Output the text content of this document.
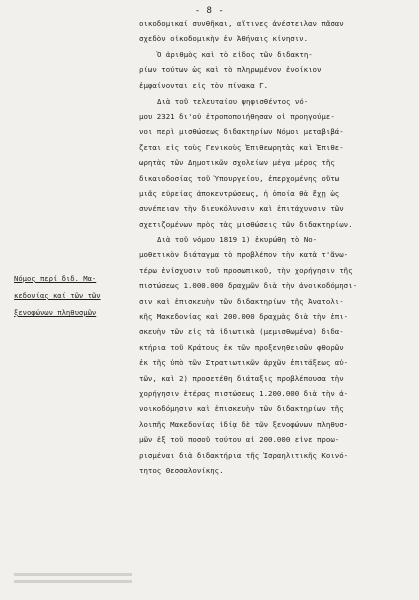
- 8 -
Νόμος περί διδ. Μα-
κεδονίας καί τῶν τῶν
ξενοφώνων πληθυσμῶν
οικοδομικαί συνθῆκαι, αἵτινες ἀνέστειλαν πᾶσαν
σχεδὸν οἰκοδομικὴν ἐν Ἀθήναις κίνησιν.
Ὁ ἀριθμὸς καὶ τὸ εἶδος τῶν διδακτη-
ρίων τούτων ὡς καὶ τὸ πληρωμένον ἐνοίκιον
ἐμφαίνονται εἰς τὸν πίνακα Γ.
Διὰ τοῦ τελευταίου ψηφισθέντος νό-
μου 2321 δι'οὗ ἐτροποποιήθησαν οἱ προηγούμε-
νοι περὶ μισθώσεως διδακτηρίων Νόμοι μεταβιβά-
ζεται εἰς τοὺς Γενικοὺς Ἐπιθεωρητὰς καὶ Ἐπιθε-
ωρητὰς τῶν Δημοτικῶν σχολείων μέγα μέρος τῆς
δικαιοδοσίας τοῦ Ὑπουργείου, ἐπερχομένης οὕτω
μιᾶς εὐρείας ἀποκεντρώσεως, ἡ ὁποία θὰ ἔχῃ ὡς
συνέπειαν τὴν διευκόλυνσιν καὶ ἐπιτάχυνσιν τῶν
σχετιζομένων πρὸς τὰς μισθώσεις τῶν διδακτηρίων.
Διὰ τοῦ νόμου 1819 1) ἐκυρώθη τὸ Νο-
μοθετικὸν διάταγμα τὸ προβλέπον τὴν κατὰ τ'ἄνω-
τέρω ἐνίσχυσιν τοῦ προσωπικοῦ, τὴν χορήγησιν τῆς
πιστώσεως 1.000.000 δραχμῶν διὰ τὴν ἀνοικοδόμησι-
σιν καὶ ἐπισκευὴν τῶν διδακτηρίων τῆς Ἀνατολι-
κῆς Μακεδονίας καὶ 200.000 δραχμὰς διὰ τὴν ἐπι-
σκευὴν τῶν εἰς τὰ ἰδιωτικὰ (μεμισθωμένα) διδα-
κτήρια τοῦ Κράτους ἐκ τῶν προξενηθεισῶν φθορῶν
ἐκ τῆς ὑπὸ τῶν Στρατιωτικῶν ἀρχῶν ἐπιτάξεως αὐ-
τῶν, καὶ 2) προσετέθη διάταξις προβλέπουσα τὴν
χορήγησιν ἑτέρας πιστώσεως 1.200.000 διὰ τὴν ἀ-
νοικοδόμησιν καὶ ἐπισκευὴν τῶν διδακτηρίων τῆς
λοιπῆς Μακεδονίας ἰδίᾳ δὲ τῶν ξενοφώνων πληθυσ-
μῶν ἐξ τοῦ ποσοῦ τούτου αἱ 200.000 εἶνε προω-
ρισμέναι διὰ διδακτήρια τῆς Ἰσραηλιτικῆς Κοινό-
τητος Θεσσαλονίκης.
